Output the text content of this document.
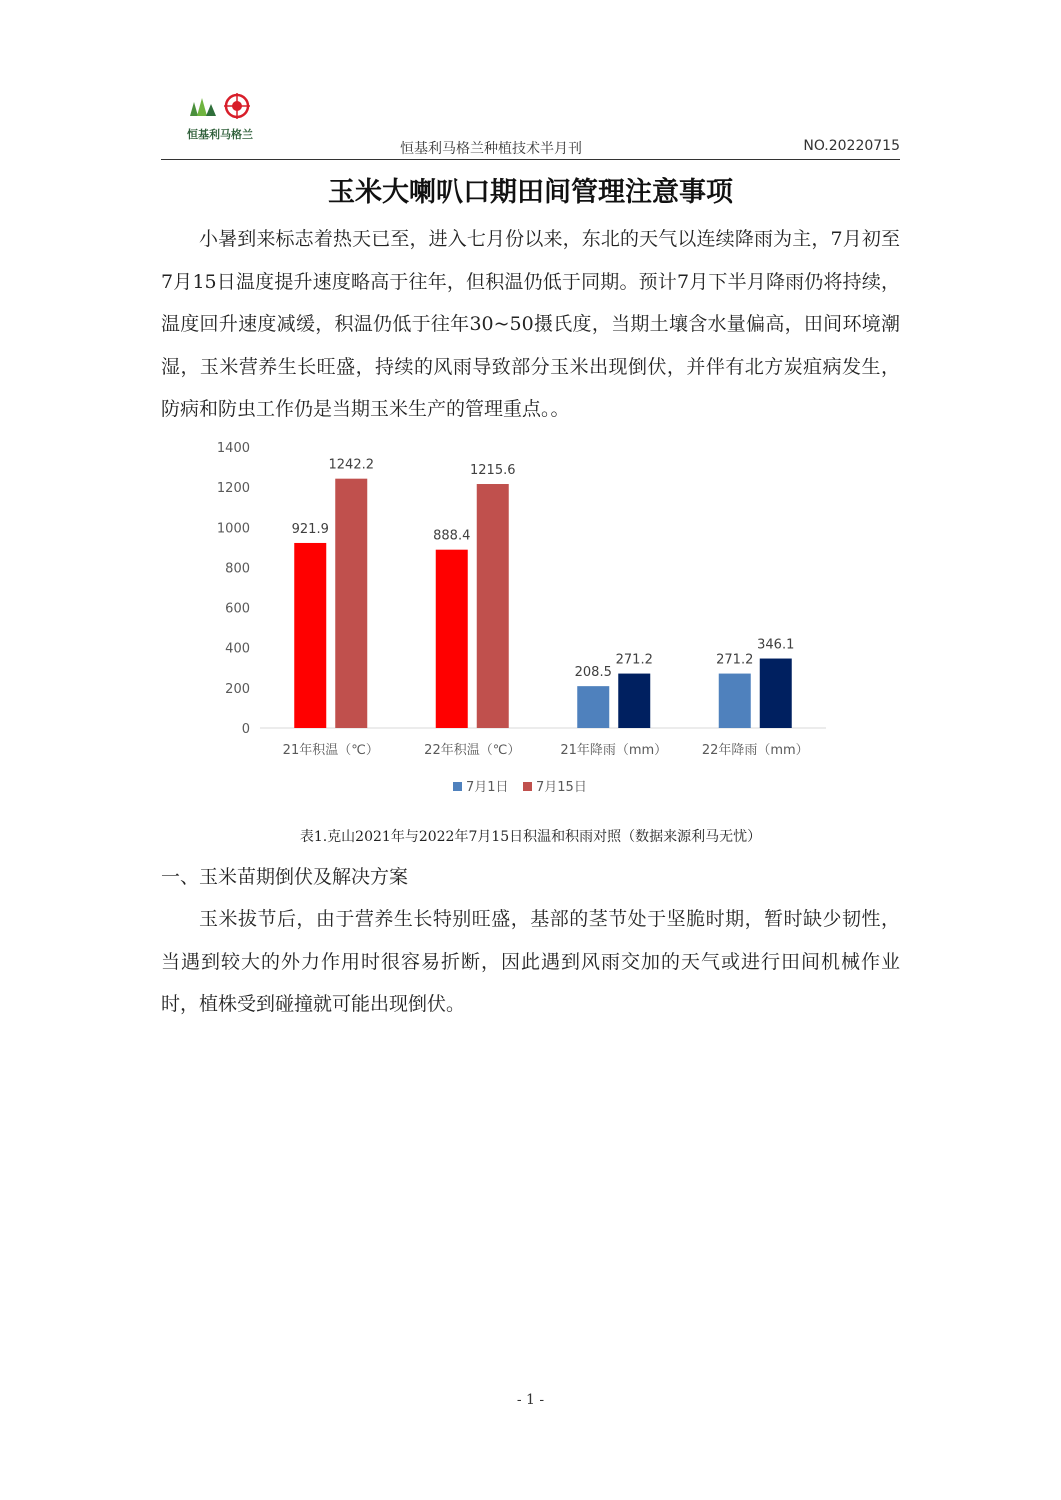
恒基利马格兰
恒基利马格兰种植技术半月刊	NO.20220715
玉米大喇叭口期田间管理注意事项
小暑到来标志着热天已至，进入七月份以来，东北的天气以连续降雨为主，7月初至7月15日温度提升速度略高于往年，但积温仍低于同期。预计7月下半月降雨仍将持续，温度回升速度减缓，积温仍低于往年30~50摄氏度，当期土壤含水量偏高，田间环境潮湿，玉米营养生长旺盛，持续的风雨导致部分玉米出现倒伏，并伴有北方炭疽病发生，防病和防虫工作仍是当期玉米生产的管理重点。。
0
200
400
600
800
1000
1200
1400
921.9
1242.2
21年积温（℃）
888.4
1215.6
22年积温（℃）
208.5
271.2
21年降雨（mm）
271.2
346.1
22年降雨（mm）
7月1日 7月15日
表1.克山2021年与2022年7月15日积温和积雨对照（数据来源利马无忧）
一、玉米苗期倒伏及解决方案
玉米拔节后，由于营养生长特别旺盛，基部的茎节处于坚脆时期，暂时缺少韧性，当遇到较大的外力作用时很容易折断，因此遇到风雨交加的天气或进行田间机械作业时，植株受到碰撞就可能出现倒伏。
- 1 -
